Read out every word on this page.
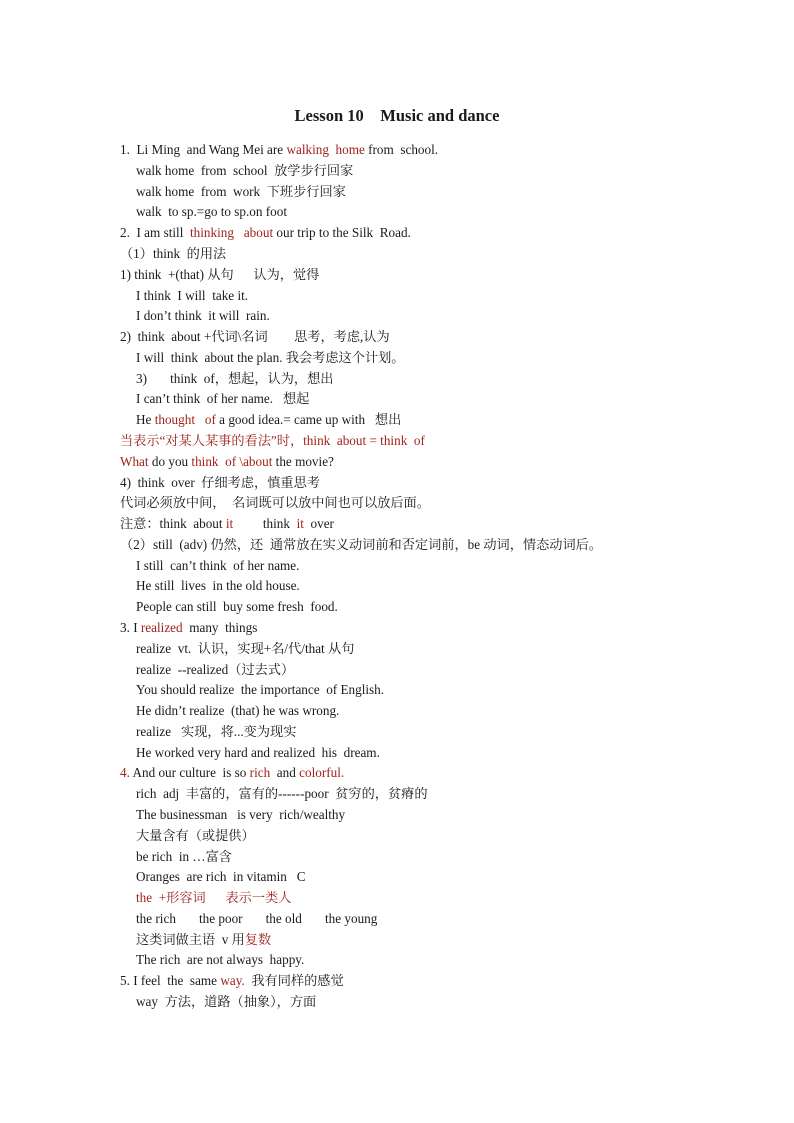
Lesson 10    Music and dance
1.  Li Ming  and Wang Mei are walking  home from  school.
walk home  from  school  放学步行回家
walk home  from  work  下班步行回家
walk  to sp.=go to sp.on foot
2.  I am still  thinking   about our trip to the Silk  Road.
（1）think  的用法
1) think  +(that) 从句      认为，觉得
I think  I will  take it.
I don’t think  it will  rain.
2)  think  about +代词\名词        思考，考虑,认为
I will  think  about the plan. 我会考虑这个计划。
3)       think  of，想起，认为，想出
I can’t think  of her name.   想起
He thought   of a good idea.= came up with   想出
当表示“对某人某事的看法”时，think  about = think  of
What do you think  of \about the movie?
4)  think  over  仔细考虑，慎重思考
代词必须放中间，  名词既可以放中间也可以放后面。
注意：think  about it         think  it  over
（2）still  (adv) 仍然，还  通常放在实义动词前和否定词前，be 动词，情态动词后。
I still  can’t think  of her name.
He still  lives  in the old house.
People can still  buy some fresh  food.
3. I realized  many  things
realize  vt.  认识，实现+名/代/that 从句
realize  --realized（过去式）
You should realize  the importance  of English.
He didn’t realize  (that) he was wrong.
realize   实现，将...变为现实
He worked very hard and realized  his  dream.
4. And our culture  is so rich  and colorful.
rich  adj  丰富的，富有的------poor  贫穷的，贫瘠的
The businessman   is very  rich/wealthy
大量含有（或提供）
be rich  in …富含
Oranges  are rich  in vitamin   C
the  +形容词      表示一类人
the rich       the poor       the old       the young
这类词做主语  v 用复数
The rich  are not always  happy.
5. I feel  the  same way.  我有同样的感觉
way  方法，道路（抽象），方面
